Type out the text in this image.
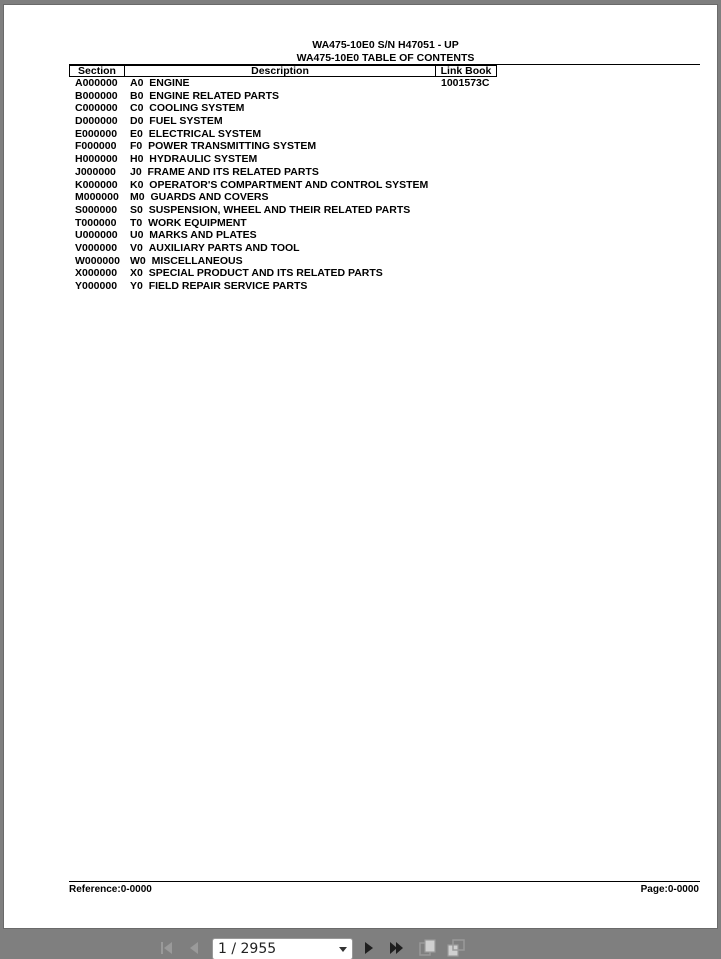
WA475-10E0 S/N H47051 - UP
WA475-10E0 TABLE OF CONTENTS
Section	Description	Link Book
A000000 A0 ENGINE	1001573C
B000000 B0 ENGINE RELATED PARTS
C000000 C0 COOLING SYSTEM
D000000 D0 FUEL SYSTEM
E000000 E0 ELECTRICAL SYSTEM
F000000 F0 POWER TRANSMITTING SYSTEM
H000000 H0 HYDRAULIC SYSTEM
J000000 J0 FRAME AND ITS RELATED PARTS
K000000 K0 OPERATOR'S COMPARTMENT AND CONTROL SYSTEM
M000000 M0 GUARDS AND COVERS
S000000 S0 SUSPENSION, WHEEL AND THEIR RELATED PARTS
T000000 T0 WORK EQUIPMENT
U000000 U0 MARKS AND PLATES
V000000 V0 AUXILIARY PARTS AND TOOL
W000000 W0 MISCELLANEOUS
X000000 X0 SPECIAL PRODUCT AND ITS RELATED PARTS
Y000000 Y0 FIELD REPAIR SERVICE PARTS
Reference:0-0000	Page:0-0000
1 / 2955
